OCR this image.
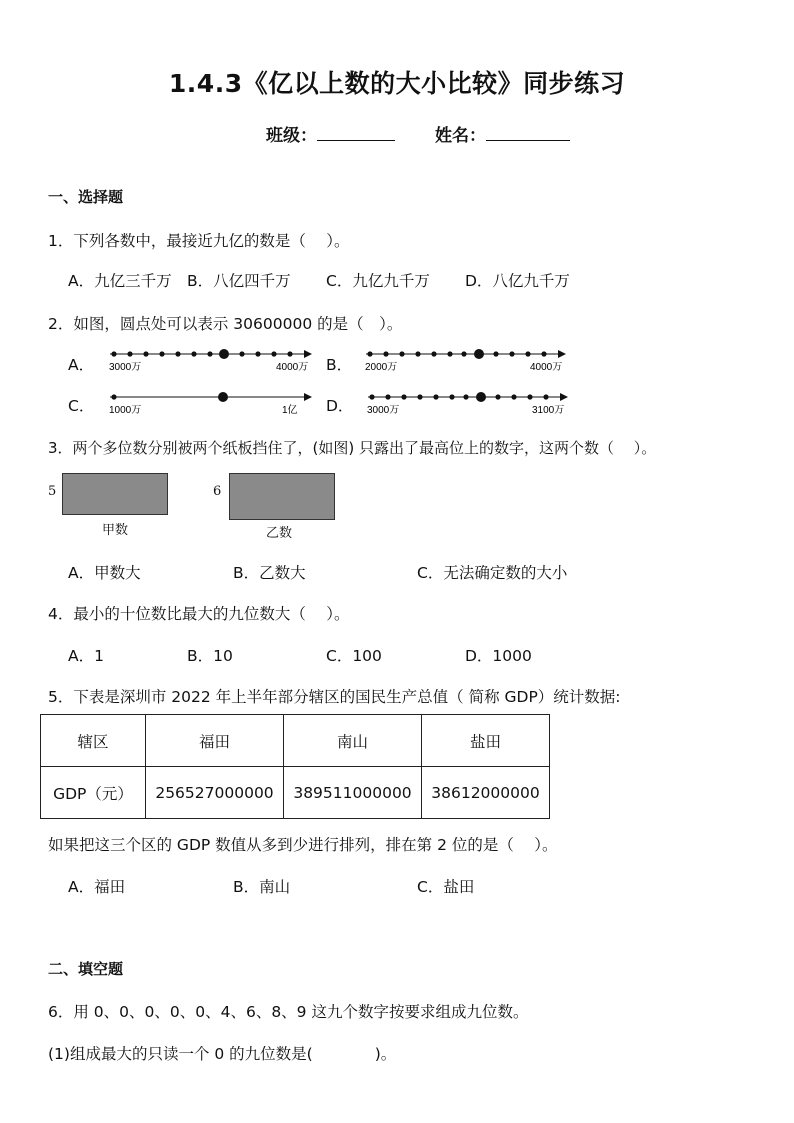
1.4.3《亿以上数的大小比较》同步练习
班级：	姓名：
一、选择题
1．下列各数中，最接近九亿的数是（　 ）。
A．九亿三千万 B．八亿四千万 C．九亿九千万 D．八亿九千万
2．如图，圆点处可以表示 30600000 的是（　）。
A． 3000万	4000万 B． 2000万	4000万
C． 1000万	1亿 D． 3000万	3100万
3．两个多位数分别被两个纸板挡住了，(如图) 只露出了最高位上的数字，这两个数（　 ）。
5
甲数
6
乙数
A．甲数大	B．乙数大	C．无法确定数的大小
4．最小的十位数比最大的九位数大（　 ）。
A．1	B．10	C．100	D．1000
5．下表是深圳市 2022 年上半年部分辖区的国民生产总值（ 简称 GDP）统计数据:
辖区	福田	南山	盐田
GDP（元）	256527000000	389511000000	38612000000
如果把这三个区的 GDP 数值从多到少进行排列，排在第 2 位的是（　 ）。
A．福田	B．南山	C．盐田
二、填空题
6．用 0、0、0、0、0、4、6、8、9 这九个数字按要求组成九位数。
(1)组成最大的只读一个 0 的九位数是(　　　　)。
